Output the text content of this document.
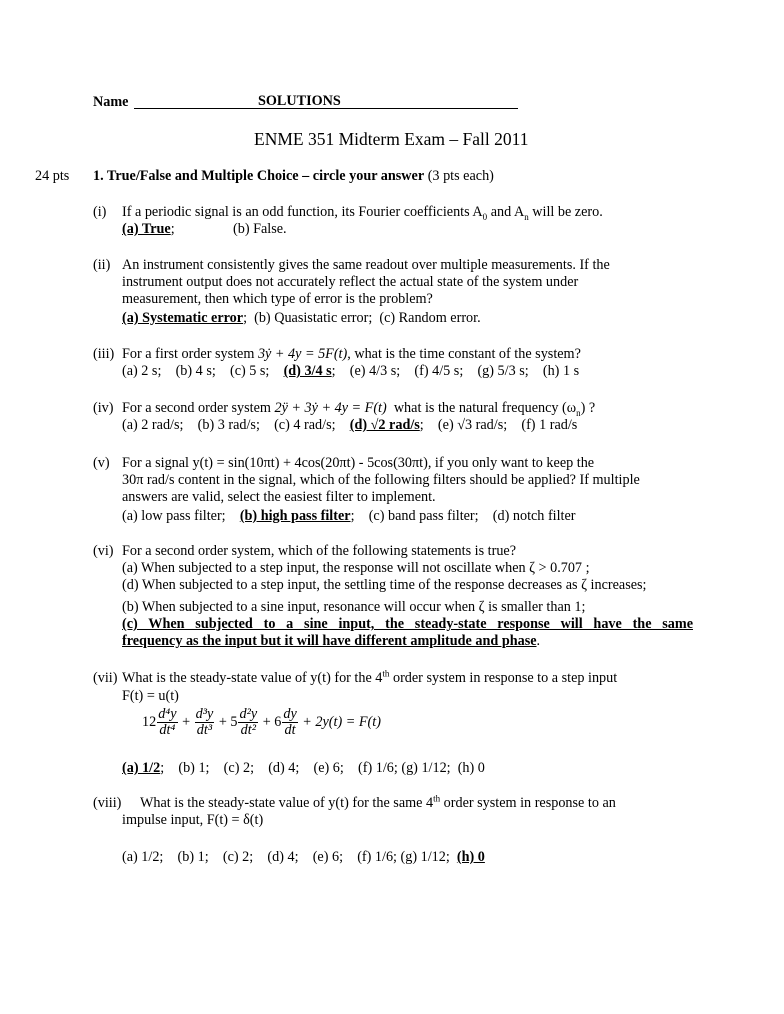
Name	SOLUTIONS
ENME 351 Midterm Exam – Fall 2011
24 pts 1. True/False and Multiple Choice – circle your answer (3 pts each)
(i) If a periodic signal is an odd function, its Fourier coefficients $A_0$ and $A_n$ will be zero.
(a) True;	(b) False.
(ii) An instrument consistently gives the same readout over multiple measurements. If the
instrument output does not accurately reflect the actual state of the system under
measurement, then which type of error is the problem?
(a) Systematic error;  (b) Quasistatic error;  (c) Random error.
(iii) For a first order system 3ẏ + 4y = 5F(t), what is the time constant of the system?
(a) 2 s;    (b) 4 s;    (c) 5 s;    (d) 3/4 s;    (e) 4/3 s;    (f) 4/5 s;    (g) 5/3 s;    (h) 1 s
(iv) For a second order system 2ÿ + 3ẏ + 4y = F(t)  what is the natural frequency $(\omega_n)$ ?
(a) 2 rad/s;    (b) 3 rad/s;    (c) 4 rad/s;    (d) √2 rad/s;    (e) √3 rad/s;    (f) 1 rad/s
(v) For a signal y(t) = sin(10πt) + 4cos(20πt) - 5cos(30πt), if you only want to keep the
30π rad/s content in the signal, which of the following filters should be applied? If multiple
answers are valid, select the easiest filter to implement.
(a) low pass filter;    (b) high pass filter;    (c) band pass filter;    (d) notch filter
(vi) For a second order system, which of the following statements is true?
(a) When subjected to a step input, the response will not oscillate when ζ > 0.707 ;
(d) When subjected to a step input, the settling time of the response decreases as ζ increases;
(b) When subjected to a sine input, resonance will occur when ζ is smaller than 1;
(c) When subjected to a sine input, the steady-state response will have the same
frequency as the input but it will have different amplitude and phase.
(vii) What is the steady-state value of y(t) for the 4th order system in response to a step input
F(t) = u(t)
$12 \frac{\text{d⁴y}}{\text{dt⁴}} + \frac{\text{d³y}}{\text{dt³}} + 5 \frac{\text{d²y}}{\text{dt²}} + 6 \frac{dy}{dt} + 2y(t) = F(t)$
(a) 1/2;    (b) 1;    (c) 2;    (d) 4;    (e) 6;    (f) 1/6; (g) 1/12;  (h) 0
(viii) What is the steady-state value of y(t) for the same 4th order system in response to an
impulse input, F(t) = δ(t)
(a) 1/2;    (b) 1;    (c) 2;    (d) 4;    (e) 6;    (f) 1/6; (g) 1/12;  (h) 0
